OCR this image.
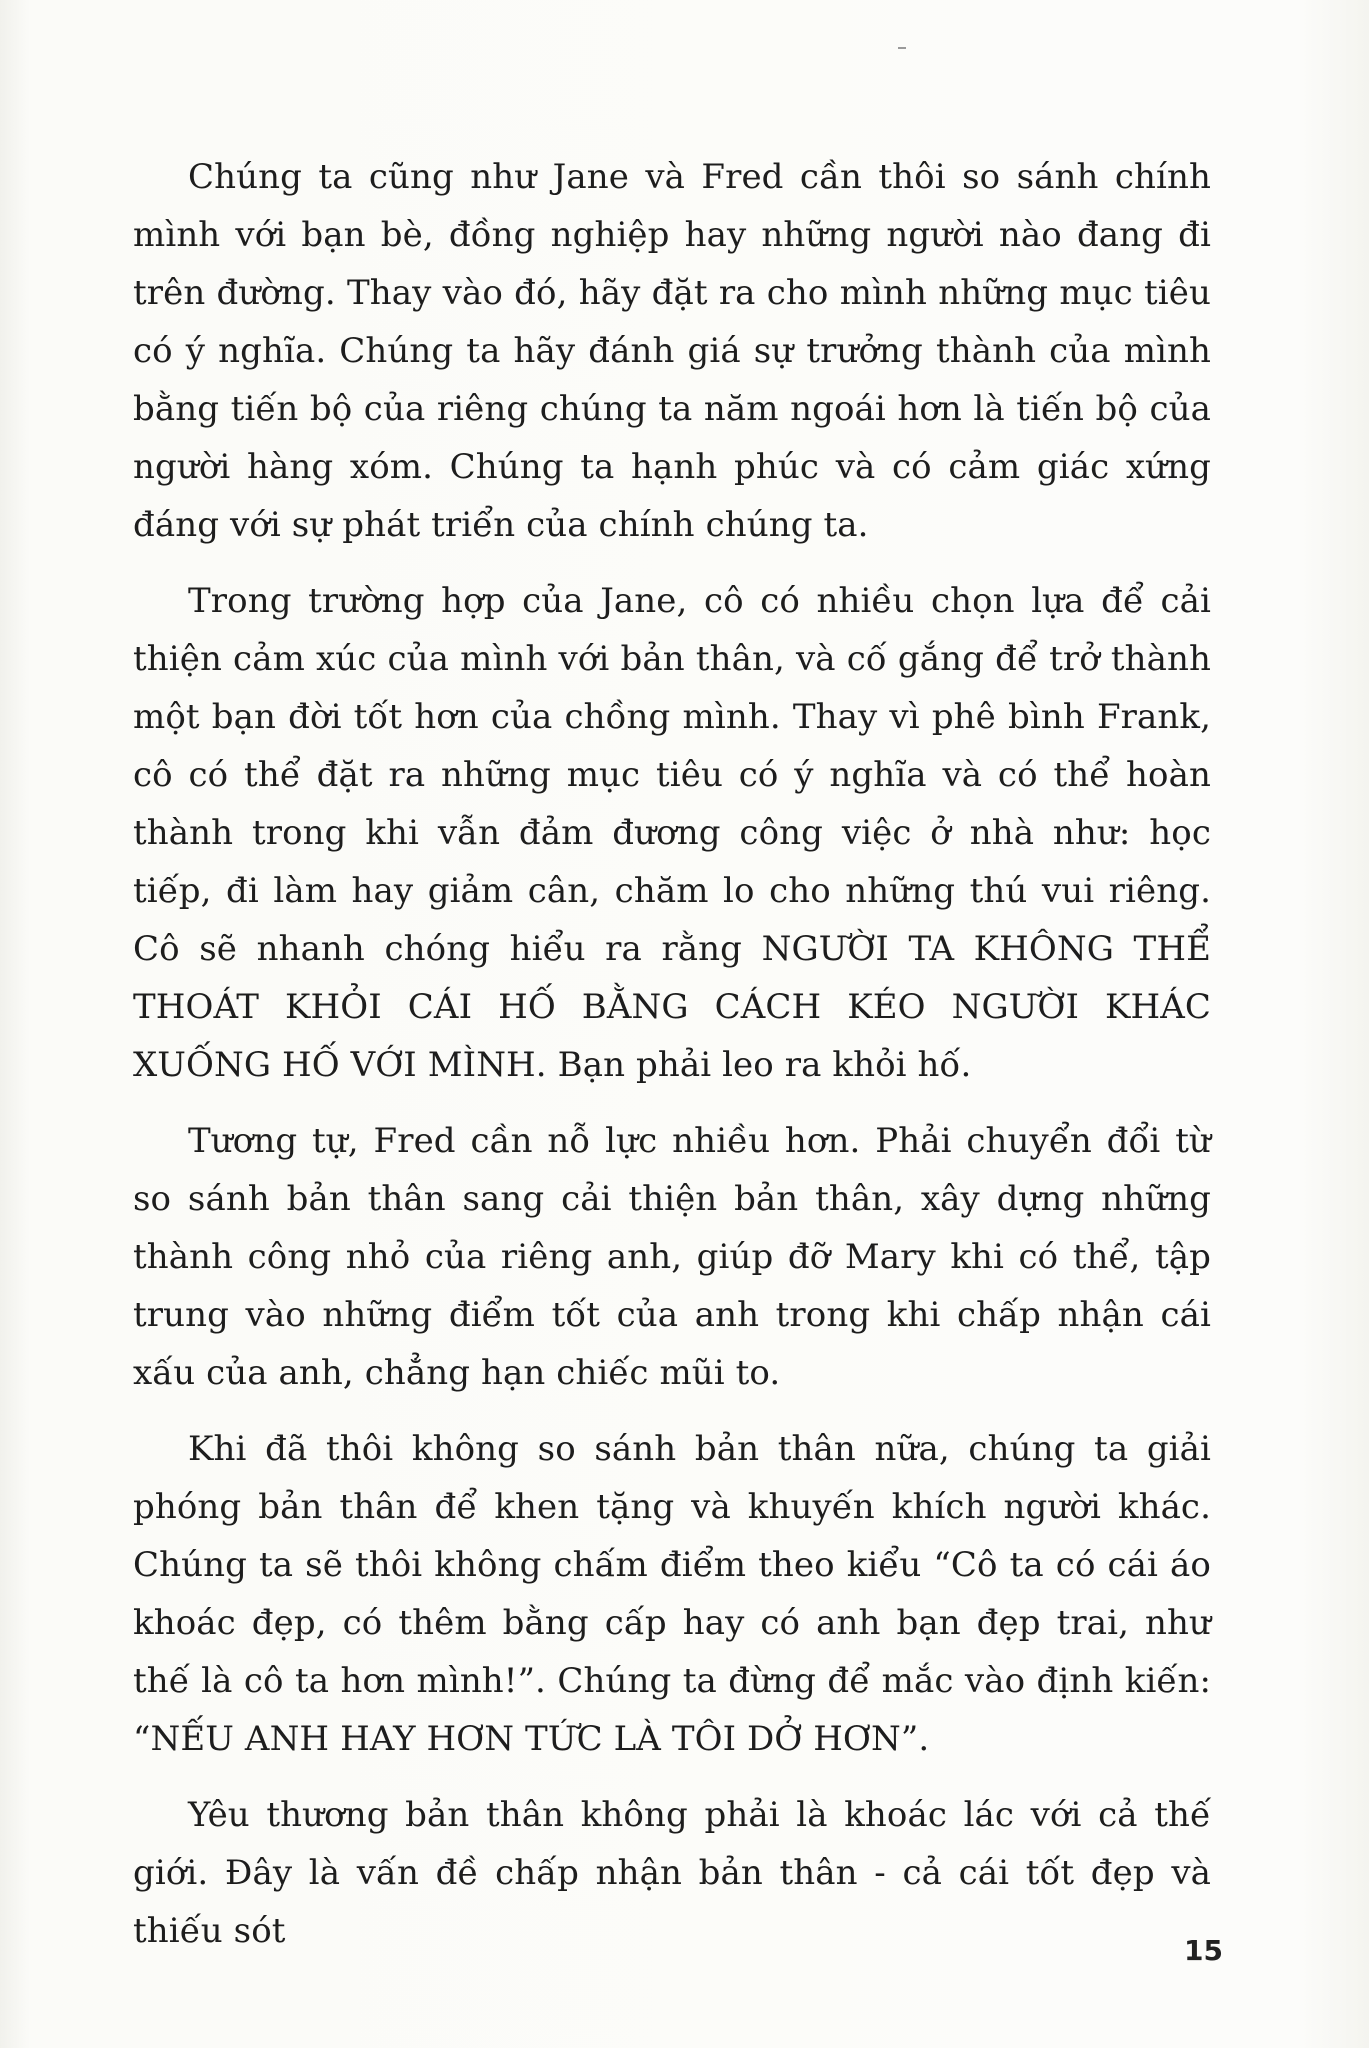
Chúng ta cũng như Jane và Fred cần thôi so sánh chính mình với bạn bè, đồng nghiệp hay những người nào đang đi trên đường. Thay vào đó, hãy đặt ra cho mình những mục tiêu có ý nghĩa. Chúng ta hãy đánh giá sự trưởng thành của mình bằng tiến bộ của riêng chúng ta năm ngoái hơn là tiến bộ của người hàng xóm. Chúng ta hạnh phúc và có cảm giác xứng đáng với sự phát triển của chính chúng ta.

Trong trường hợp của Jane, cô có nhiều chọn lựa để cải thiện cảm xúc của mình với bản thân, và cố gắng để trở thành một bạn đời tốt hơn của chồng mình. Thay vì phê bình Frank, cô có thể đặt ra những mục tiêu có ý nghĩa và có thể hoàn thành trong khi vẫn đảm đương công việc ở nhà như: học tiếp, đi làm hay giảm cân, chăm lo cho những thú vui riêng. Cô sẽ nhanh chóng hiểu ra rằng NGƯỜI TA KHÔNG THỂ THOÁT KHỎI CÁI HỐ BẰNG CÁCH KÉO NGƯỜI KHÁC XUỐNG HỐ VỚI MÌNH. Bạn phải leo ra khỏi hố.

Tương tự, Fred cần nỗ lực nhiều hơn. Phải chuyển đổi từ so sánh bản thân sang cải thiện bản thân, xây dựng những thành công nhỏ của riêng anh, giúp đỡ Mary khi có thể, tập trung vào những điểm tốt của anh trong khi chấp nhận cái xấu của anh, chẳng hạn chiếc mũi to.

Khi đã thôi không so sánh bản thân nữa, chúng ta giải phóng bản thân để khen tặng và khuyến khích người khác. Chúng ta sẽ thôi không chấm điểm theo kiểu “Cô ta có cái áo khoác đẹp, có thêm bằng cấp hay có anh bạn đẹp trai, như thế là cô ta hơn mình!”. Chúng ta đừng để mắc vào định kiến: “NẾU ANH HAY HƠN TỨC LÀ TÔI DỞ HƠN”.

Yêu thương bản thân không phải là khoác lác với cả thế giới. Đây là vấn đề chấp nhận bản thân - cả cái tốt đẹp và thiếu sót	15
